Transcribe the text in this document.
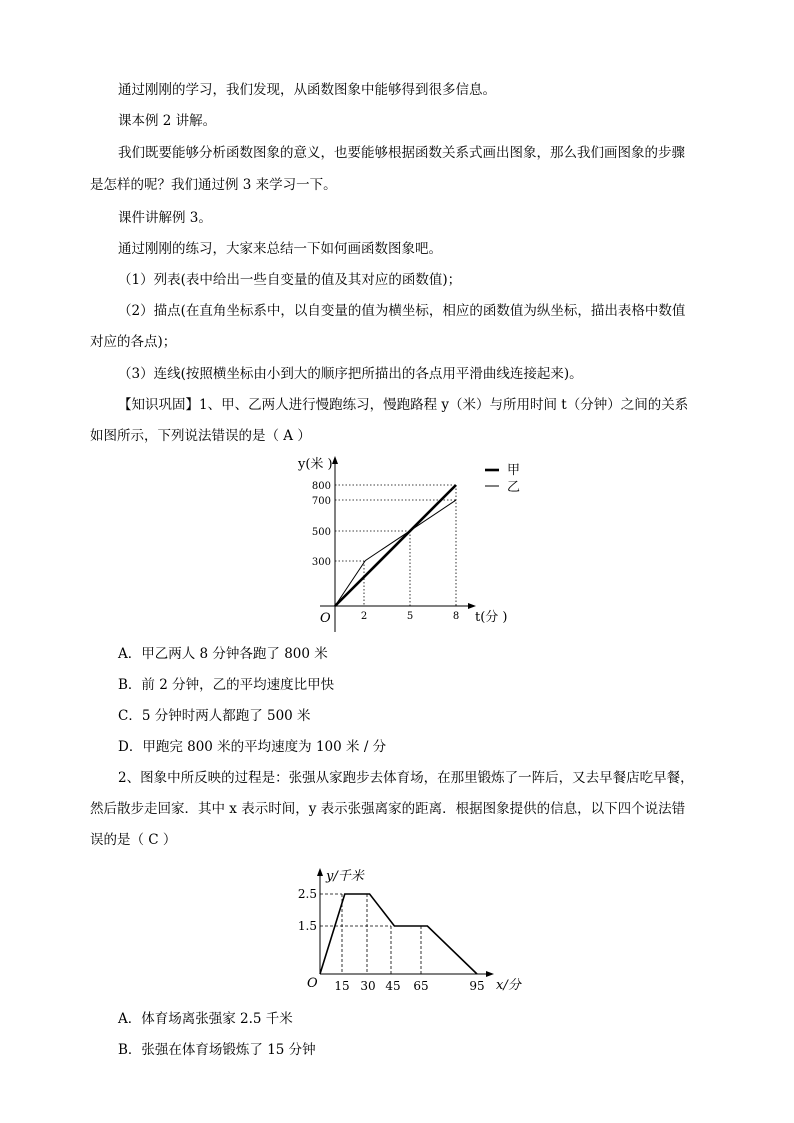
通过刚刚的学习，我们发现，从函数图象中能够得到很多信息。
课本例 2 讲解。
我们既要能够分析函数图象的意义，也要能够根据函数关系式画出图象，那么我们画图象的步骤
是怎样的呢？我们通过例 3 来学习一下。
课件讲解例 3。
通过刚刚的练习，大家来总结一下如何画函数图象吧。
（1）列表(表中给出一些自变量的值及其对应的函数值)；
（2）描点(在直角坐标系中，以自变量的值为横坐标，相应的函数值为纵坐标，描出表格中数值
对应的各点)；
（3）连线(按照横坐标由小到大的顺序把所描出的各点用平滑曲线连接起来)。
【知识巩固】1、甲、乙两人进行慢跑练习，慢跑路程 y（米）与所用时间 t（分钟）之间的关系
如图所示，下列说法错误的是（ A ）
y(米 )
t(分 )
O
800
700
500
300
2	5	8
甲
乙
A．甲乙两人 8 分钟各跑了 800 米
B．前 2 分钟，乙的平均速度比甲快
C．5 分钟时两人都跑了 500 米
D．甲跑完 800 米的平均速度为 100 米 / 分
2、图象中所反映的过程是：张强从家跑步去体育场，在那里锻炼了一阵后，又去早餐店吃早餐，
然后散步走回家．其中 x 表示时间，y 表示张强离家的距离．根据图象提供的信息，以下四个说法错
误的是（ C ）
y/千米
x/分
O
2.5
1.5
15 30 45 65	95
A．体育场离张强家 2.5 千米
B．张强在体育场锻炼了 15 分钟
